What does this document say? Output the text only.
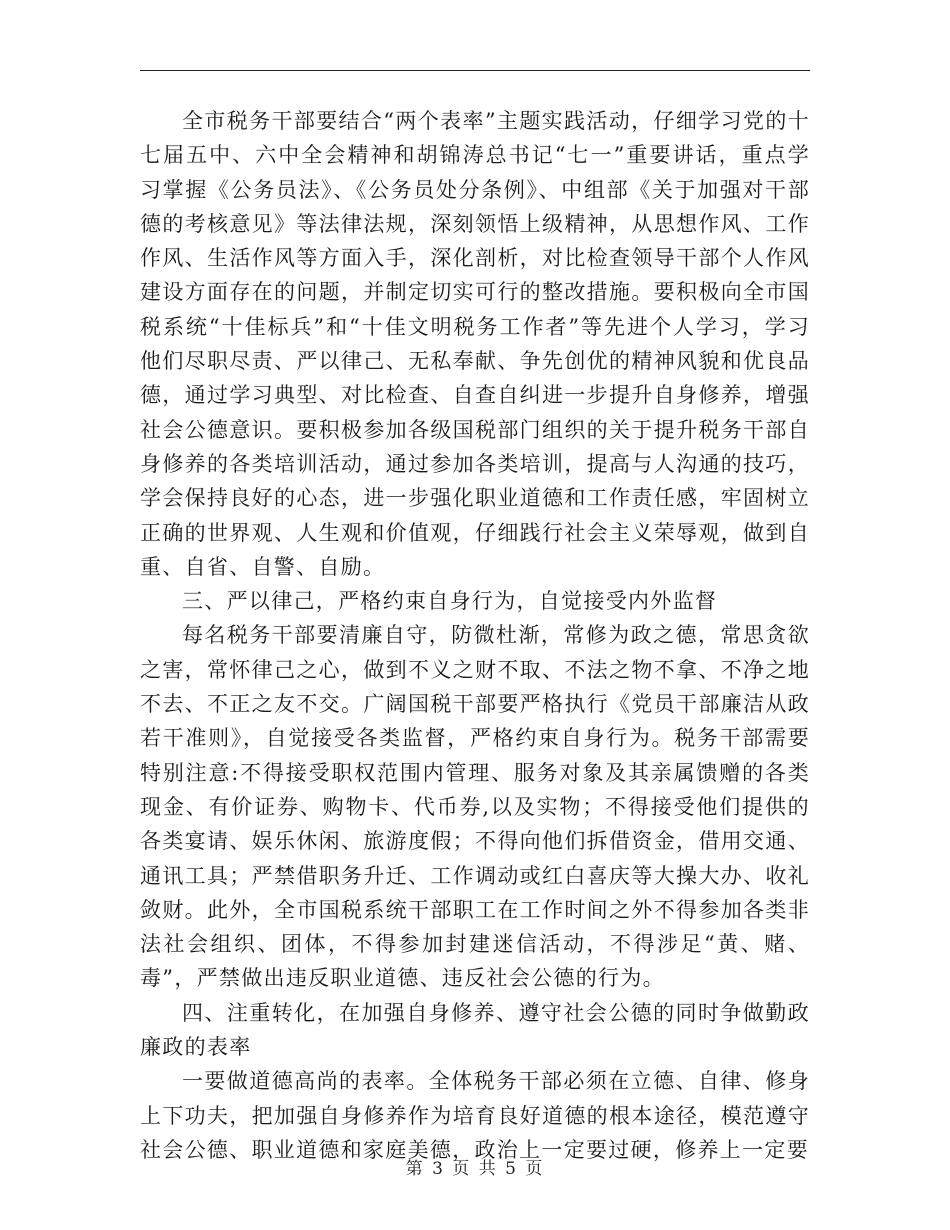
全市税务干部要结合“两个表率”主题实践活动，仔细学习党的十七届五中、六中全会精神和胡锦涛总书记“七一”重要讲话，重点学习掌握《公务员法》、《公务员处分条例》、中组部《关于加强对干部德的考核意见》等法律法规，深刻领悟上级精神，从思想作风、工作作风、生活作风等方面入手，深化剖析，对比检查领导干部个人作风建设方面存在的问题，并制定切实可行的整改措施。要积极向全市国税系统“十佳标兵”和“十佳文明税务工作者”等先进个人学习，学习他们尽职尽责、严以律己、无私奉献、争先创优的精神风貌和优良品德，通过学习典型、对比检查、自查自纠进一步提升自身修养，增强社会公德意识。要积极参加各级国税部门组织的关于提升税务干部自身修养的各类培训活动，通过参加各类培训，提高与人沟通的技巧，学会保持良好的心态，进一步强化职业道德和工作责任感，牢固树立正确的世界观、人生观和价值观，仔细践行社会主义荣辱观，做到自重、自省、自警、自励。

三、严以律己，严格约束自身行为，自觉接受内外监督

每名税务干部要清廉自守，防微杜渐，常修为政之德，常思贪欲之害，常怀律己之心，做到不义之财不取、不法之物不拿、不净之地不去、不正之友不交。广阔国税干部要严格执行《党员干部廉洁从政若干准则》，自觉接受各类监督，严格约束自身行为。税务干部需要特别注意:不得接受职权范围内管理、服务对象及其亲属馈赠的各类现金、有价证券、购物卡、代币券,以及实物；不得接受他们提供的各类宴请、娱乐休闲、旅游度假；不得向他们拆借资金，借用交通、通讯工具；严禁借职务升迁、工作调动或红白喜庆等大操大办、收礼敛财。此外，全市国税系统干部职工在工作时间之外不得参加各类非法社会组织、团体，不得参加封建迷信活动，不得涉足“黄、赌、毒”，严禁做出违反职业道德、违反社会公德的行为。

四、注重转化，在加强自身修养、遵守社会公德的同时争做勤政廉政的表率

一要做道德高尚的表率。全体税务干部必须在立德、自律、修身上下功夫，把加强自身修养作为培育良好道德的根本途径，模范遵守社会公德、职业道德和家庭美德，政治上一定要过硬，修养上一定要

第 3 页 共 5 页
